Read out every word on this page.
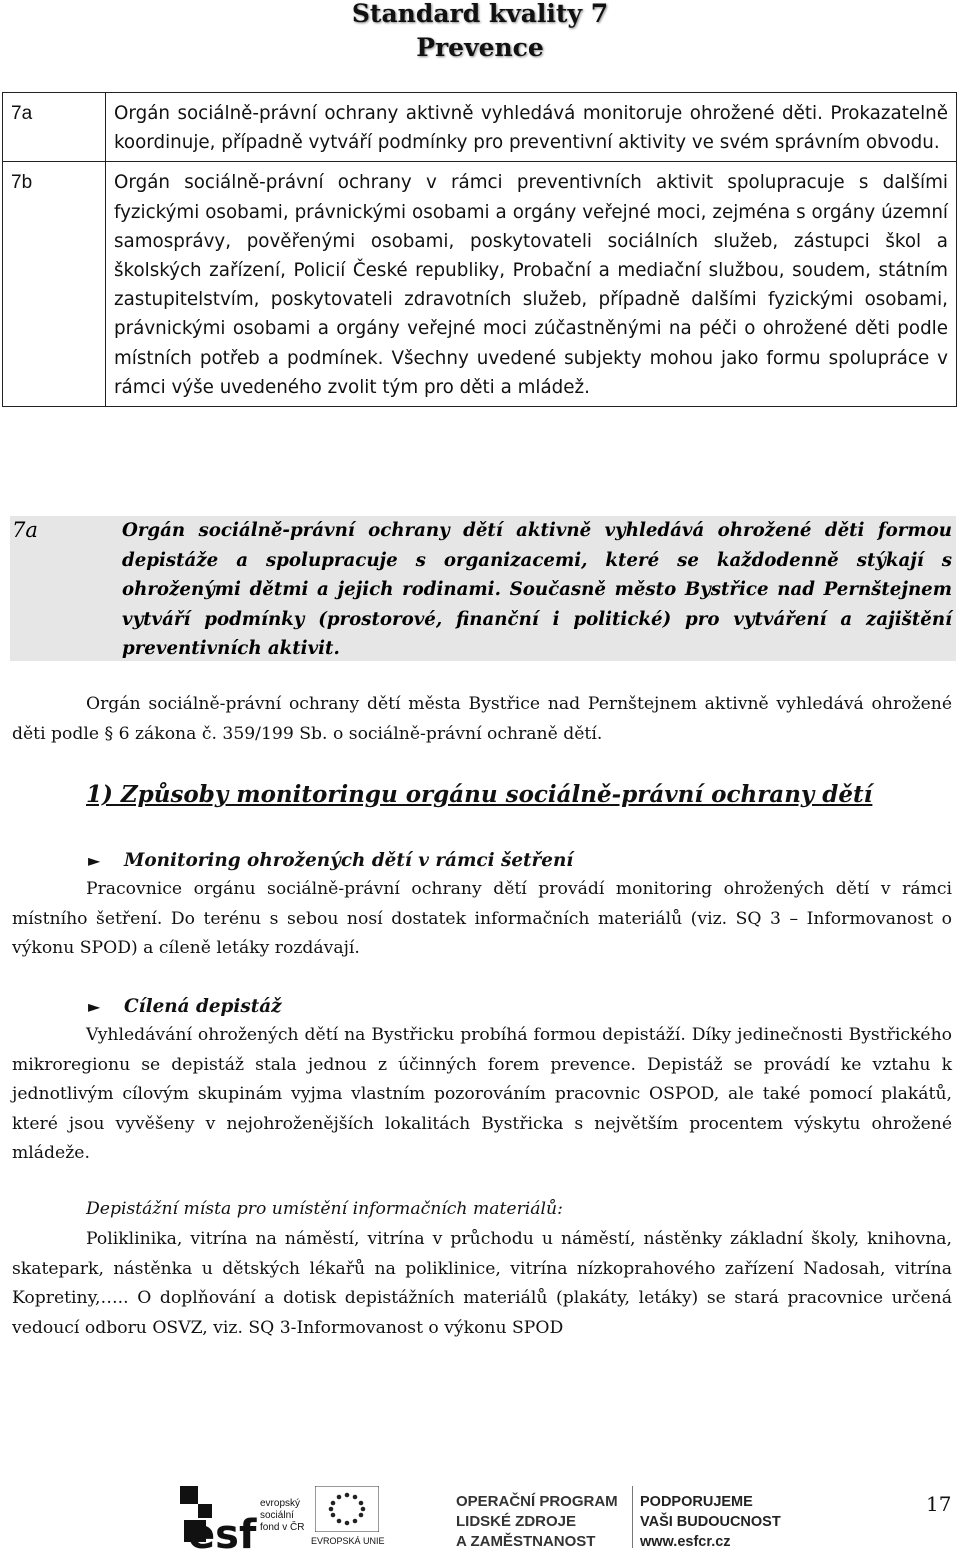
Standard kvality 7
Prevence
7a	Orgán sociálně-právní ochrany aktivně vyhledává monitoruje ohrožené děti. Prokazatelně koordinuje, případně vytváří podmínky pro preventivní aktivity ve svém správním obvodu.
7b	Orgán sociálně-právní ochrany v rámci preventivních aktivit spolupracuje s dalšími fyzickými osobami, právnickými osobami a orgány veřejné moci, zejména s orgány územní samosprávy, pověřenými osobami, poskytovateli sociálních služeb, zástupci škol a školských zařízení, Policií České republiky, Probační a mediační službou, soudem, státním zastupitelstvím, poskytovateli zdravotních služeb, případně dalšími fyzickými osobami, právnickými osobami a orgány veřejné moci zúčastněnými na péči o ohrožené děti podle místních potřeb a podmínek. Všechny uvedené subjekty mohou jako formu spolupráce v rámci výše uvedeného zvolit tým pro děti a mládež.
7a	Orgán sociálně-právní ochrany dětí aktivně vyhledává ohrožené děti formou depistáže a spolupracuje s organizacemi, které se každodenně stýkají s ohroženými dětmi a jejich rodinami. Současně město Bystřice nad Pernštejnem vytváří podmínky (prostorové, finanční i politické) pro vytváření a zajištění preventivních aktivit.
Orgán sociálně-právní ochrany dětí města Bystřice nad Pernštejnem aktivně vyhledává ohrožené děti podle § 6 zákona č. 359/199 Sb. o sociálně-právní ochraně dětí.
1) Způsoby monitoringu orgánu sociálně-právní ochrany dětí
► Monitoring ohrožených dětí v rámci šetření
Pracovnice orgánu sociálně-právní ochrany dětí provádí monitoring ohrožených dětí v rámci místního šetření. Do terénu s sebou nosí dostatek informačních materiálů (viz. SQ 3 – Informovanost o výkonu SPOD) a cíleně letáky rozdávají.
► Cílená depistáž
Vyhledávání ohrožených dětí na Bystřicku probíhá formou depistáží. Díky jedinečnosti Bystřického mikroregionu se depistáž stala jednou z účinných forem prevence. Depistáž se provádí ke vztahu k jednotlivým cílovým skupinám vyjma vlastním pozorováním pracovnic OSPOD, ale také pomocí plakátů, které jsou vyvěšeny v nejohroženějších lokalitách Bystřicka s největším procentem výskytu ohrožené mládeže.
Depistážní místa pro umístění informačních materiálů:
Poliklinika, vitrína na náměstí, vitrína v průchodu u náměstí, nástěnky základní školy, knihovna, skatepark, nástěnka u dětských lékařů na poliklinice, vitrína nízkoprahového zařízení Nadosah, vitrína Kopretiny,….. O doplňování a dotisk depistážních materiálů (plakáty, letáky) se stará pracovnice určená vedoucí odboru OSVZ, viz. SQ 3-Informovanost o výkonu SPOD
esf
evropský
sociální
fond v ČR
EVROPSKÁ UNIE
OPERAČNÍ PROGRAM
LIDSKÉ ZDROJE
A ZAMĚSTNANOST
PODPORUJEME
VAŠI BUDOUCNOST
www.esfcr.cz
17
